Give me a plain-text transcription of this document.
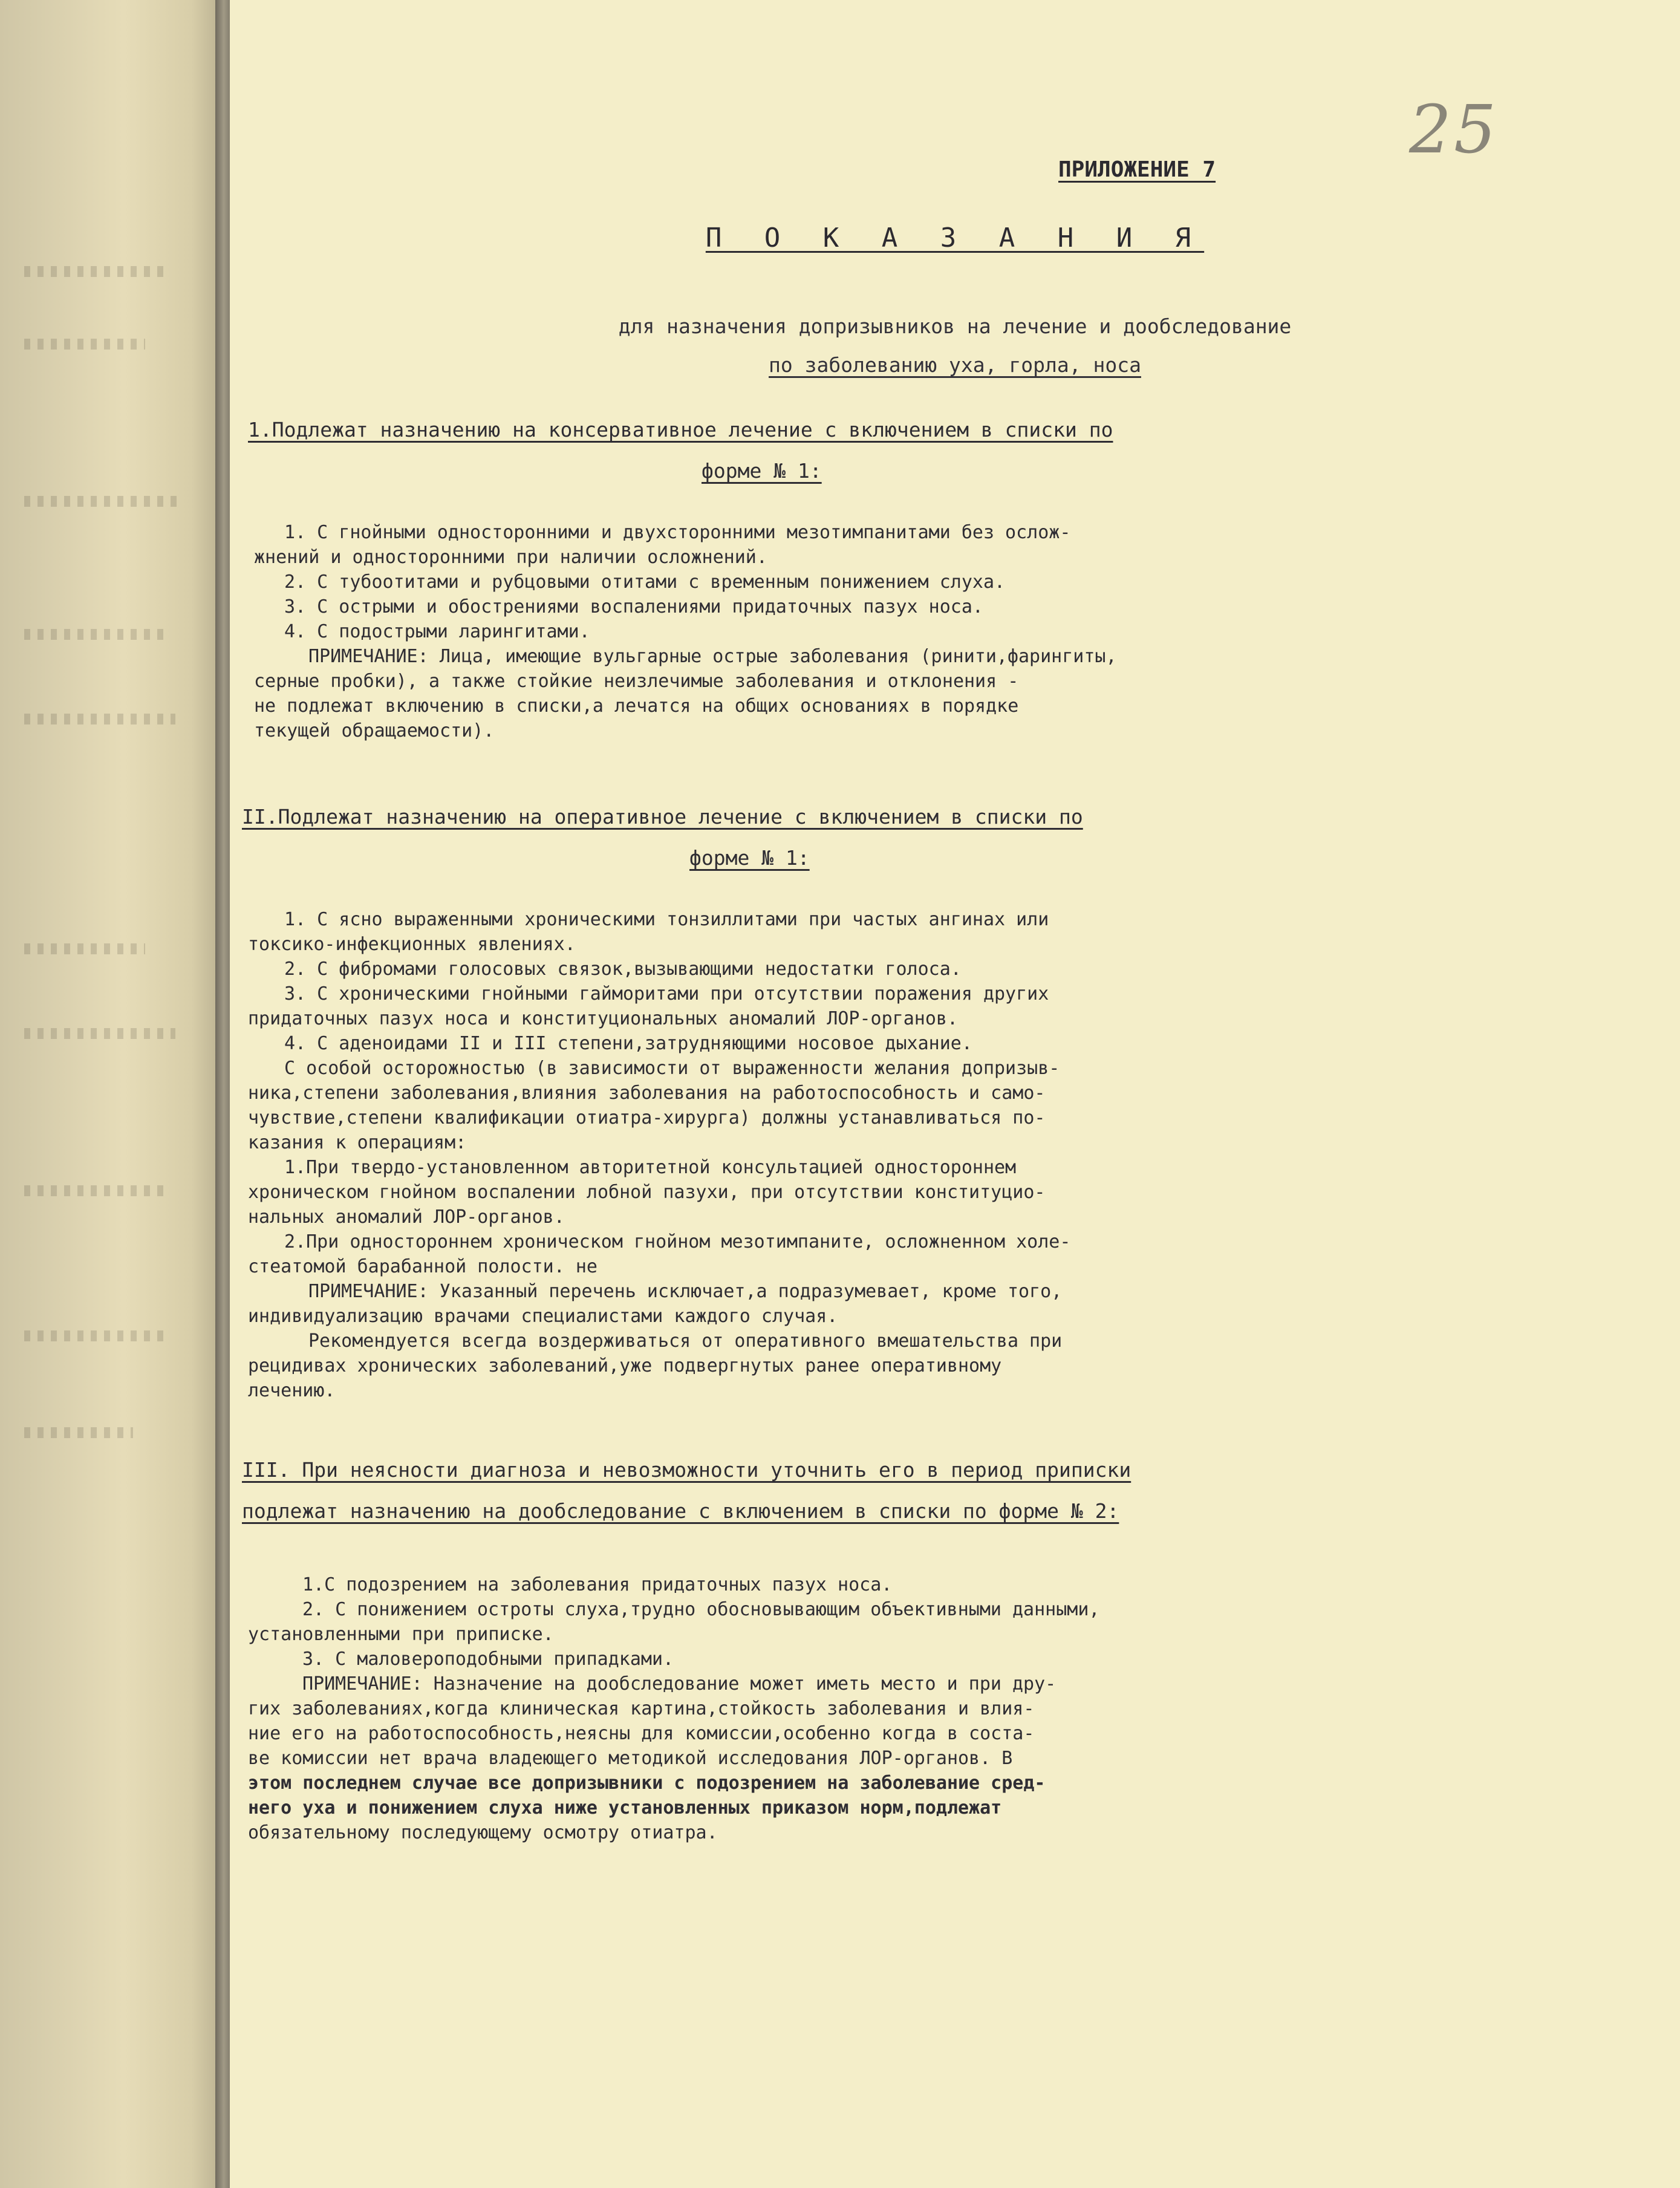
25
ПРИЛОЖЕНИЕ 7
П О К А З А Н И Я
для назначения допризывников на лечение и дообследование
по заболеванию уха, горла, носа
1.Подлежат назначению на консервативное лечение с включением в списки по
форме № 1:
1. С гнойными односторонними и двухсторонними мезотимпанитами без ослож-
жнений и односторонними при наличии осложнений.
2. С тубоотитами и рубцовыми отитами с временным понижением слуха.
3. С острыми и обострениями воспалениями придаточных пазух носа.
4. С подострыми ларингитами.
ПРИМЕЧАНИЕ: Лица, имеющие вульгарные острые заболевания (ринити,фарингиты,
серные пробки), а также стойкие неизлечимые заболевания и отклонения -
не подлежат включению в списки,а лечатся на общих основаниях в порядке
текущей обращаемости).
II.Подлежат назначению на оперативное лечение с включением в списки по
форме № 1:
1. С ясно выраженными хроническими тонзиллитами при частых ангинах или
токсико-инфекционных явлениях.
2. С фибромами голосовых связок,вызывающими недостатки голоса.
3. С хроническими гнойными гайморитами при отсутствии поражения других
придаточных пазух носа и конституциональных аномалий ЛОР-органов.
4. С аденоидами II и III степени,затрудняющими носовое дыхание.
С особой осторожностью (в зависимости от выраженности желания допризыв-
ника,степени заболевания,влияния заболевания на работоспособность и само-
чувствие,степени квалификации отиатра-хирурга) должны устанавливаться по-
казания к операциям:
1.При твердо-установленном авторитетной консультацией одностороннем
хроническом гнойном воспалении лобной пазухи, при отсутствии конституцио-
нальных аномалий ЛОР-органов.
2.При одностороннем хроническом гнойном мезотимпаните, осложненном холе-
стеатомой барабанной полости. не
ПРИМЕЧАНИЕ: Указанный перечень исключает,а подразумевает, кроме того,
индивидуализацию врачами специалистами каждого случая.
Рекомендуется всегда воздерживаться от оперативного вмешательства при
рецидивах хронических заболеваний,уже подвергнутых ранее оперативному
лечению.
III. При неясности диагноза и невозможности уточнить его в период приписки
подлежат назначению на дообследование с включением в списки по форме № 2:
1.С подозрением на заболевания придаточных пазух носа.
2. С понижением остроты слуха,трудно обосновывающим объективными данными,
установленными при приписке.
3. С маловероподобными припадками.
ПРИМЕЧАНИЕ: Назначение на дообследование может иметь место и при дру-
гих заболеваниях,когда клиническая картина,стойкость заболевания и влия-
ние его на работоспособность,неясны для комиссии,особенно когда в соста-
ве комиссии нет врача владеющего методикой исследования ЛОР-органов. В
этом последнем случае все допризывники с подозрением на заболевание сред-
него уха и понижением слуха ниже установленных приказом норм,подлежат
обязательному последующему осмотру отиатра.
